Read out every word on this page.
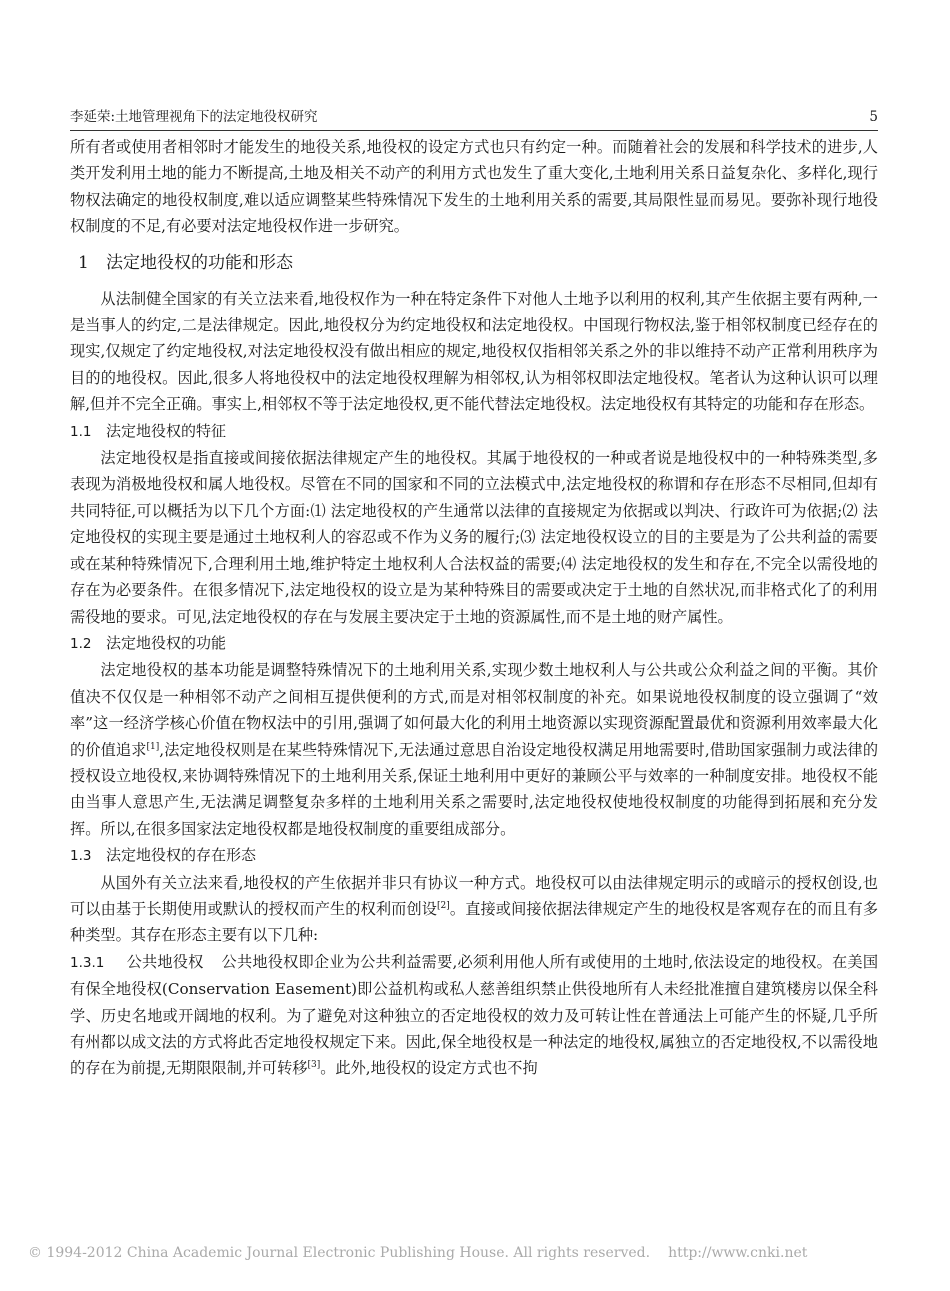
李延荣:土地管理视角下的法定地役权研究	5

所有者或使用者相邻时才能发生的地役关系,地役权的设定方式也只有约定一种。而随着社会的发展和科学技术的进步,人类开发利用土地的能力不断提高,土地及相关不动产的利用方式也发生了重大变化,土地利用关系日益复杂化、多样化,现行物权法确定的地役权制度,难以适应调整某些特殊情况下发生的土地利用关系的需要,其局限性显而易见。要弥补现行地役权制度的不足,有必要对法定地役权作进一步研究。

1 法定地役权的功能和形态

从法制健全国家的有关立法来看,地役权作为一种在特定条件下对他人土地予以利用的权利,其产生依据主要有两种,一是当事人的约定,二是法律规定。因此,地役权分为约定地役权和法定地役权。中国现行物权法,鉴于相邻权制度已经存在的现实,仅规定了约定地役权,对法定地役权没有做出相应的规定,地役权仅指相邻关系之外的非以维持不动产正常利用秩序为目的的地役权。因此,很多人将地役权中的法定地役权理解为相邻权,认为相邻权即法定地役权。笔者认为这种认识可以理解,但并不完全正确。事实上,相邻权不等于法定地役权,更不能代替法定地役权。法定地役权有其特定的功能和存在形态。

1.1 法定地役权的特征

法定地役权是指直接或间接依据法律规定产生的地役权。其属于地役权的一种或者说是地役权中的一种特殊类型,多表现为消极地役权和属人地役权。尽管在不同的国家和不同的立法模式中,法定地役权的称谓和存在形态不尽相同,但却有共同特征,可以概括为以下几个方面:⑴ 法定地役权的产生通常以法律的直接规定为依据或以判决、行政许可为依据;⑵ 法定地役权的实现主要是通过土地权利人的容忍或不作为义务的履行;⑶ 法定地役权设立的目的主要是为了公共利益的需要或在某种特殊情况下,合理利用土地,维护特定土地权利人合法权益的需要;⑷ 法定地役权的发生和存在,不完全以需役地的存在为必要条件。在很多情况下,法定地役权的设立是为某种特殊目的需要或决定于土地的自然状况,而非格式化了的利用需役地的要求。可见,法定地役权的存在与发展主要决定于土地的资源属性,而不是土地的财产属性。

1.2 法定地役权的功能

法定地役权的基本功能是调整特殊情况下的土地利用关系,实现少数土地权利人与公共或公众利益之间的平衡。其价值决不仅仅是一种相邻不动产之间相互提供便利的方式,而是对相邻权制度的补充。如果说地役权制度的设立强调了“效率”这一经济学核心价值在物权法中的引用,强调了如何最大化的利用土地资源以实现资源配置最优和资源利用效率最大化的价值追求[1],法定地役权则是在某些特殊情况下,无法通过意思自治设定地役权满足用地需要时,借助国家强制力或法律的授权设立地役权,来协调特殊情况下的土地利用关系,保证土地利用中更好的兼顾公平与效率的一种制度安排。地役权不能由当事人意思产生,无法满足调整复杂多样的土地利用关系之需要时,法定地役权使地役权制度的功能得到拓展和充分发挥。所以,在很多国家法定地役权都是地役权制度的重要组成部分。

1.3 法定地役权的存在形态

从国外有关立法来看,地役权的产生依据并非只有协议一种方式。地役权可以由法律规定明示的或暗示的授权创设,也可以由基于长期使用或默认的授权而产生的权利而创设[2]。直接或间接依据法律规定产生的地役权是客观存在的而且有多种类型。其存在形态主要有以下几种:

1.3.1 公共地役权 公共地役权即企业为公共利益需要,必须利用他人所有或使用的土地时,依法设定的地役权。在美国有保全地役权(Conservation Easement)即公益机构或私人慈善组织禁止供役地所有人未经批准擅自建筑楼房以保全科学、历史名地或开阔地的权利。为了避免对这种独立的否定地役权的效力及可转让性在普通法上可能产生的怀疑,几乎所有州都以成文法的方式将此否定地役权规定下来。因此,保全地役权是一种法定的地役权,属独立的否定地役权,不以需役地的存在为前提,无期限限制,并可转移[3]。此外,地役权的设定方式也不拘

© 1994-2012 China Academic Journal Electronic Publishing House. All rights reserved. http://www.cnki.net
